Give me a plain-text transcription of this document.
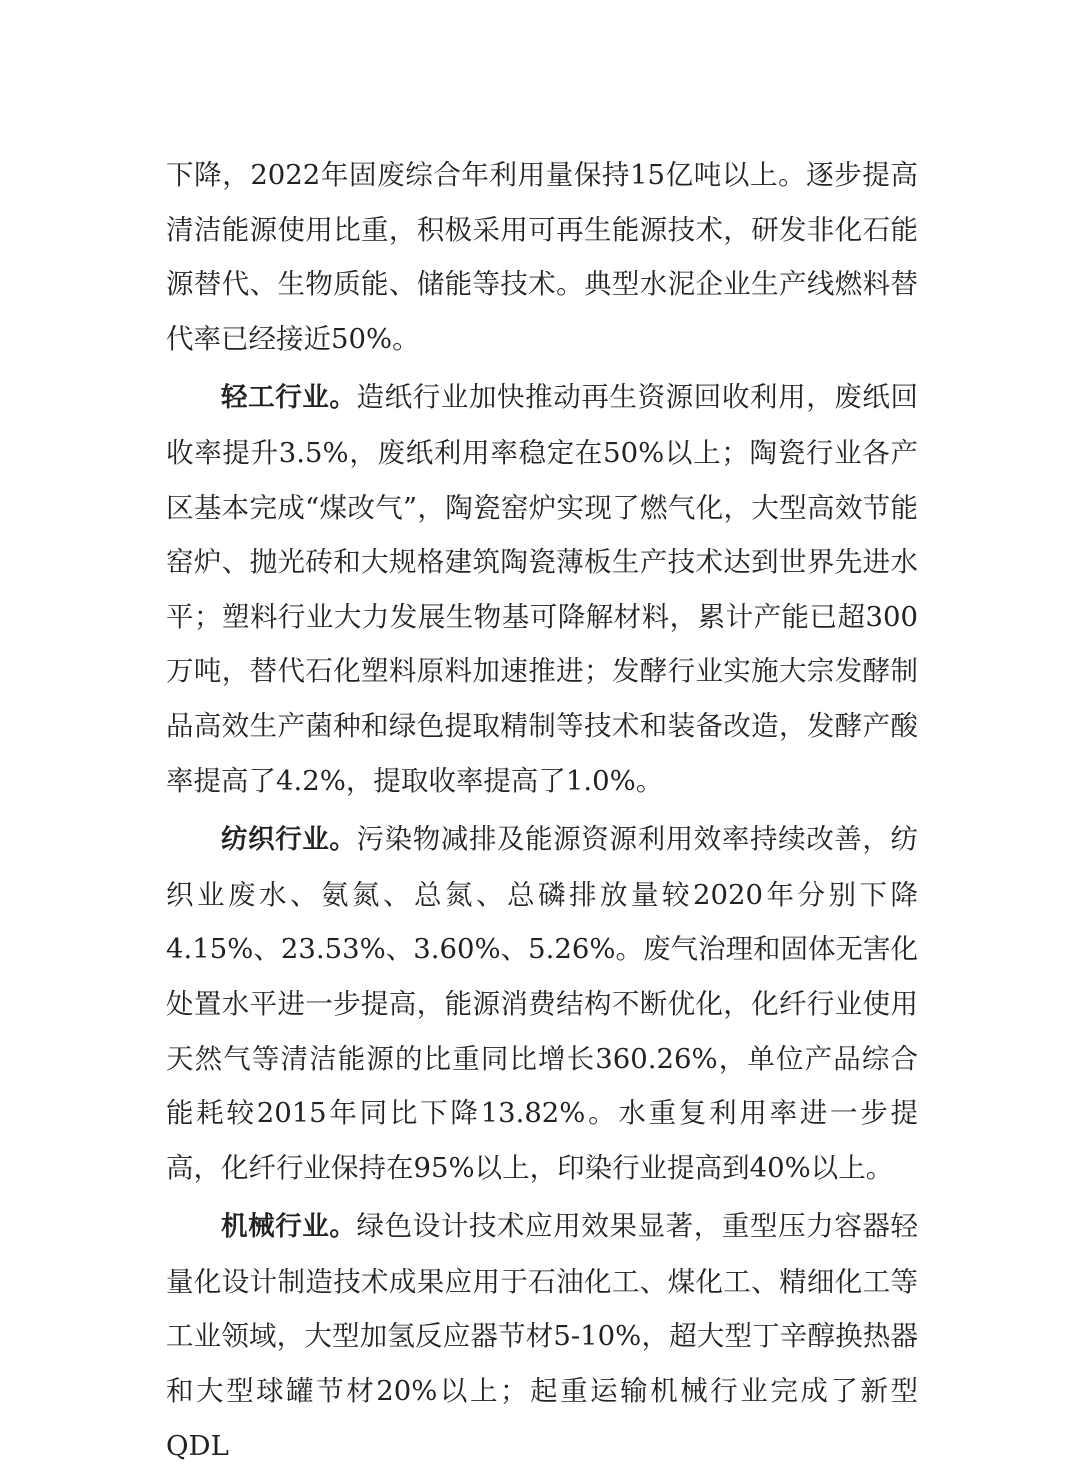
下降，2022年固废综合年利用量保持15亿吨以上。逐步提高清洁能源使用比重，积极采用可再生能源技术，研发非化石能源替代、生物质能、储能等技术。典型水泥企业生产线燃料替代率已经接近50%。

轻工行业。造纸行业加快推动再生资源回收利用，废纸回收率提升3.5%，废纸利用率稳定在50%以上；陶瓷行业各产区基本完成“煤改气”，陶瓷窑炉实现了燃气化，大型高效节能窑炉、抛光砖和大规格建筑陶瓷薄板生产技术达到世界先进水平；塑料行业大力发展生物基可降解材料，累计产能已超300万吨，替代石化塑料原料加速推进；发酵行业实施大宗发酵制品高效生产菌种和绿色提取精制等技术和装备改造，发酵产酸率提高了4.2%，提取收率提高了1.0%。

纺织行业。污染物减排及能源资源利用效率持续改善，纺织业废水、氨氮、总氮、总磷排放量较2020年分别下降4.15%、23.53%、3.60%、5.26%。废气治理和固体无害化处置水平进一步提高，能源消费结构不断优化，化纤行业使用天然气等清洁能源的比重同比增长360.26%，单位产品综合能耗较2015年同比下降13.82%。水重复利用率进一步提高，化纤行业保持在95%以上，印染行业提高到40%以上。

机械行业。绿色设计技术应用效果显著，重型压力容器轻量化设计制造技术成果应用于石油化工、煤化工、精细化工等工业领域，大型加氢反应器节材5-10%，超大型丁辛醇换热器和大型球罐节材20%以上；起重运输机械行业完成了新型QDL
